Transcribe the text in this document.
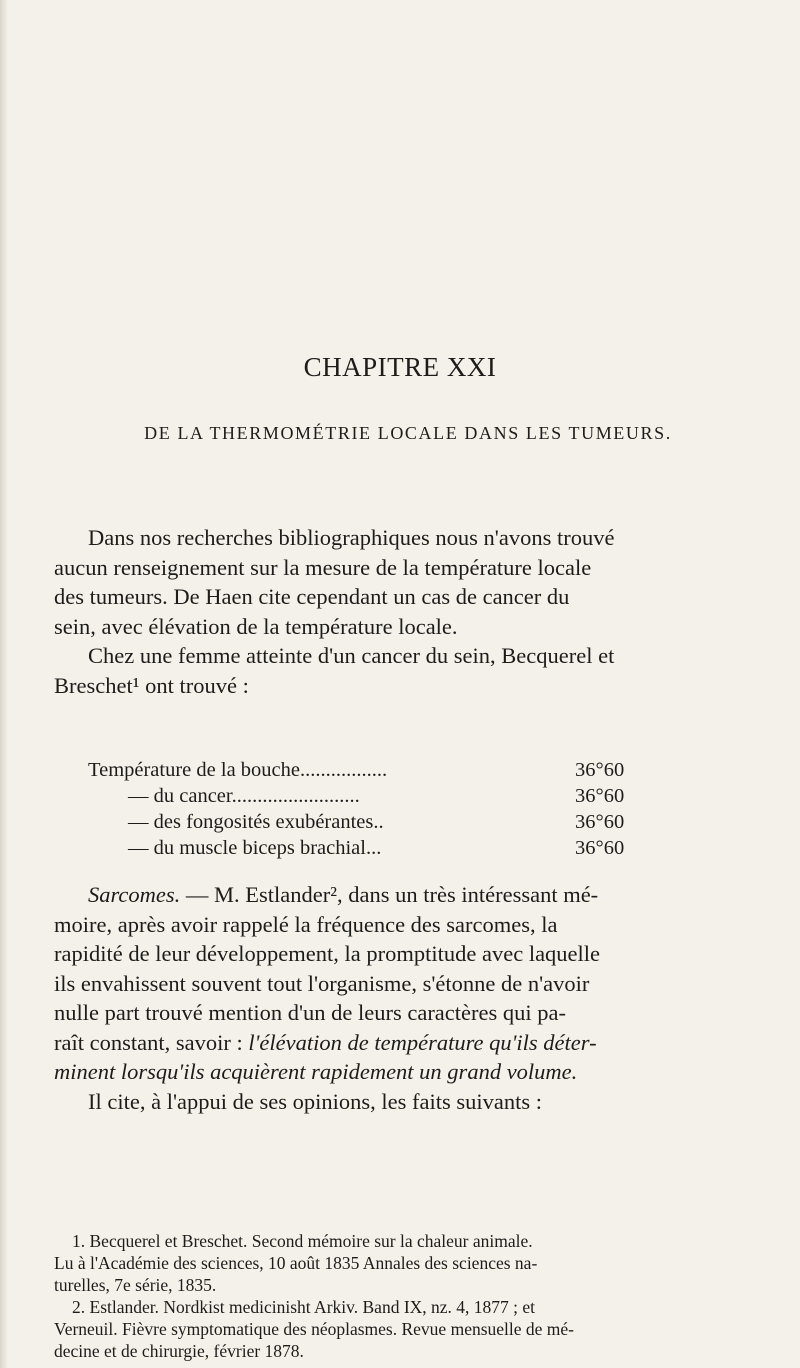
CHAPITRE XXI
DE LA THERMOMÉTRIE LOCALE DANS LES TUMEURS.

Dans nos recherches bibliographiques nous n'avons trouvé
aucun renseignement sur la mesure de la température locale
des tumeurs. De Haen cite cependant un cas de cancer du
sein, avec élévation de la température locale.

Chez une femme atteinte d'un cancer du sein, Becquerel et
Breschet¹ ont trouvé :

Température de la bouche.................	36°60
— du cancer.........................	36°60
— des fongosités exubérantes..	36°60
— du muscle biceps brachial...	36°60

Sarcomes. — M. Estlander², dans un très intéressant mé-
moire, après avoir rappelé la fréquence des sarcomes, la
rapidité de leur développement, la promptitude avec laquelle
ils envahissent souvent tout l'organisme, s'étonne de n'avoir
nulle part trouvé mention d'un de leurs caractères qui pa-
raît constant, savoir : l'élévation de température qu'ils déter-
minent lorsqu'ils acquièrent rapidement un grand volume.
Il cite, à l'appui de ses opinions, les faits suivants :

1. Becquerel et Breschet. Second mémoire sur la chaleur animale.
Lu à l'Académie des sciences, 10 août 1835 Annales des sciences na-
turelles, 7e série, 1835.
2. Estlander. Nordkist medicinisht Arkiv. Band IX, nz. 4, 1877 ; et
Verneuil. Fièvre symptomatique des néoplasmes. Revue mensuelle de mé-
decine et de chirurgie, février 1878.
